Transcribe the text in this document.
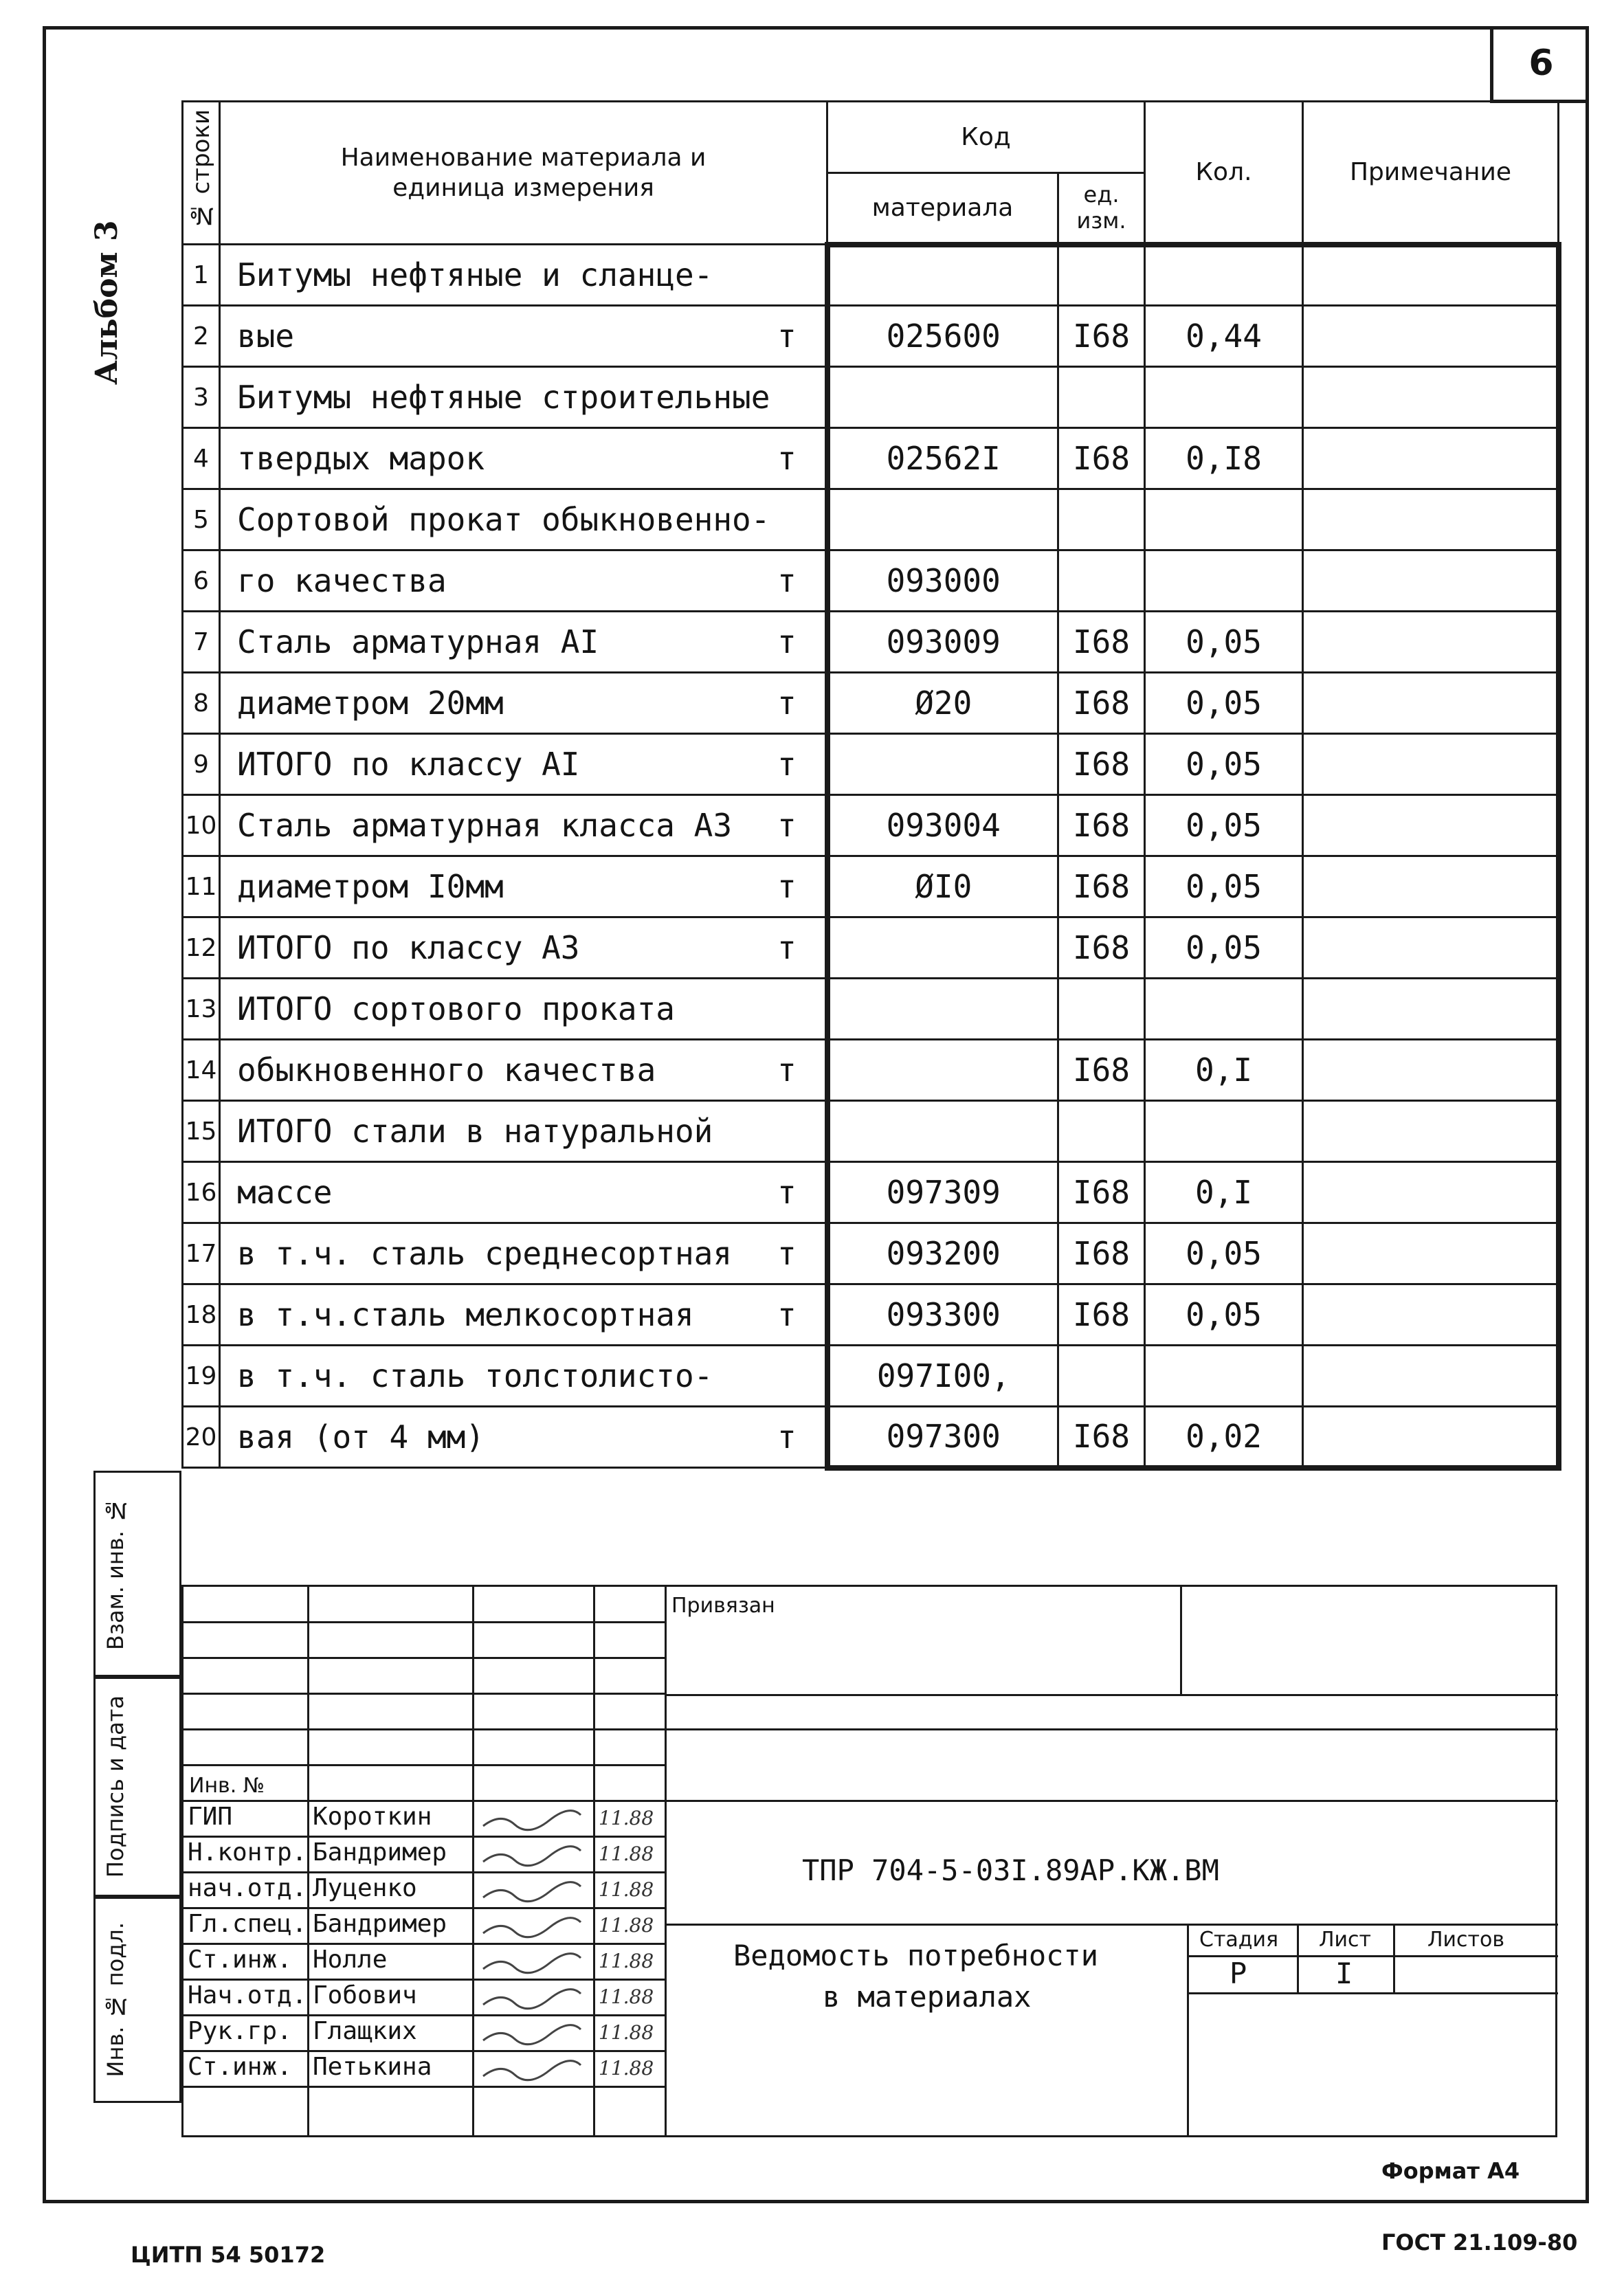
6
Альбом 3
№ строки	Наименование материала и единица измерения	Код		Кол.	Примечание
		материала	ед. изм.		
1	Битумы нефтяные и сланце-

2	вые т	025600	I68	0,44	
3	Битумы нефтяные строительные

4	твердых марок т	02562I	I68	0,I8	
5	Сортовой прокат обыкновенно-

6	го качества т	093000			
7	Сталь арматурная AI т	093009	I68	0,05	
8	диаметром 20мм т	Ø20	I68	0,05	
9	ИТОГО по классу AI т		I68	0,05	
10	Сталь арматурная класса A3 т	093004	I68	0,05	
11	диаметром I0мм т	ØI0	I68	0,05	
12	ИТОГО по классу A3 т		I68	0,05	
13	ИТОГО сортового проката

14	обыкновенного качества т		I68	0,I	
15	ИТОГО стали в натуральной

16	массе т	097309	I68	0,I	
17	в т.ч. сталь среднесортная т	093200	I68	0,05	
18	в т.ч.сталь мелкосортная т	093300	I68	0,05	
19	в т.ч. сталь толстолисто-	097I00,			
20	вая (от 4 мм) т	097300	I68	0,02	
Взам. инв. №
Подпись и дата
Инв. № подл.
Привязан
Инв. №
ГИП	Короткин	11.88
Н.контр. Бандример	11.88
нач.отд. Луценко	11.88
Гл.спец. Бандример	11.88
Ст.инж. Нолле	11.88
Нач.отд. Гобович	11.88
Рук.гр. Глащких	11.88
Ст.инж. Петькина	11.88
ТПР 704-5-03I.89АР.КЖ.ВМ
Ведомость потребности
в материалах
Стадия Лист	Листов
Р	I
Формат А4
ЦИТП 54 50172	ГОСТ 21.109-80
